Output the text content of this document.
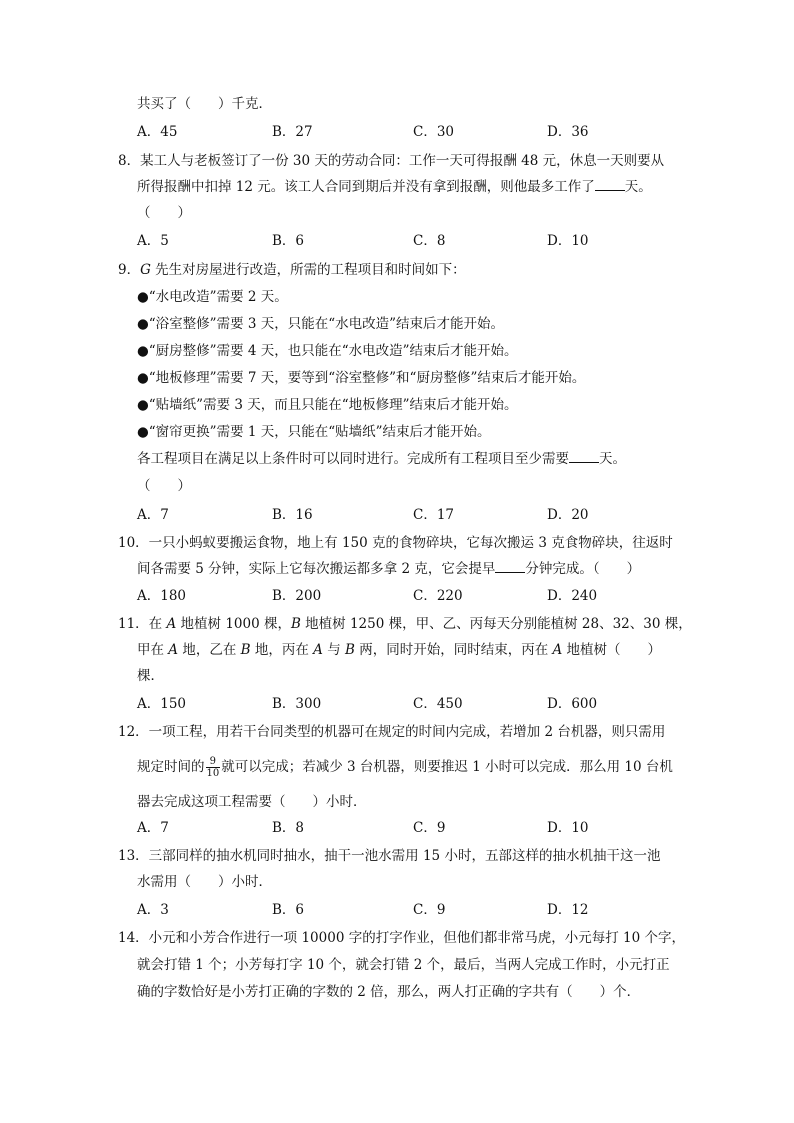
共买了（　　）千克．
A．45	B．27	C．30	D．36
8．某工人与老板签订了一份 30 天的劳动合同：工作一天可得报酬 48 元，休息一天则要从
所得报酬中扣掉 12 元。该工人合同到期后并没有拿到报酬，则他最多工作了 天。
（　　）
A．5	B．6	C．8	D．10
9．G 先生对房屋进行改造，所需的工程项目和时间如下：
●“水电改造”需要 2 天。
●“浴室整修”需要 3 天，只能在“水电改造”结束后才能开始。
●“厨房整修”需要 4 天，也只能在“水电改造”结束后才能开始。
●“地板修理”需要 7 天，要等到“浴室整修”和“厨房整修”结束后才能开始。
●“贴墙纸”需要 3 天，而且只能在“地板修理”结束后才能开始。
●“窗帘更换”需要 1 天，只能在“贴墙纸”结束后才能开始。
各工程项目在满足以上条件时可以同时进行。完成所有工程项目至少需要 天。
（　　）
A．7	B．16	C．17	D．20
10．一只小蚂蚁要搬运食物，地上有 150 克的食物碎块，它每次搬运 3 克食物碎块，往返时
间各需要 5 分钟，实际上它每次搬运都多拿 2 克，它会提早 分钟完成。（　　）
A．180	B．200	C．220	D．240
11．在 A 地植树 1000 棵，B 地植树 1250 棵，甲、乙、丙每天分别能植树 28、32、30 棵，
甲在 A 地，乙在 B 地，丙在 A 与 B 两，同时开始，同时结束，丙在 A 地植树（　　）
棵．
A．150	B．300	C．450	D．600
12．一项工程，用若干台同类型的机器可在规定的时间内完成，若增加 2 台机器，则只需用
规定时间的 $\frac{9}{10}$ 就可以完成；若减少 3 台机器，则要推迟 1 小时可以完成．那么用 10 台机
器去完成这项工程需要（　　）小时．
A．7	B．8	C．9	D．10
13．三部同样的抽水机同时抽水，抽干一池水需用 15 小时，五部这样的抽水机抽干这一池
水需用（　　）小时．
A．3	B．6	C．9	D．12
14．小元和小芳合作进行一项 10000 字的打字作业，但他们都非常马虎，小元每打 10 个字，
就会打错 1 个；小芳每打字 10 个，就会打错 2 个，最后，当两人完成工作时，小元打正
确的字数恰好是小芳打正确的字数的 2 倍，那么，两人打正确的字共有（　　）个．
